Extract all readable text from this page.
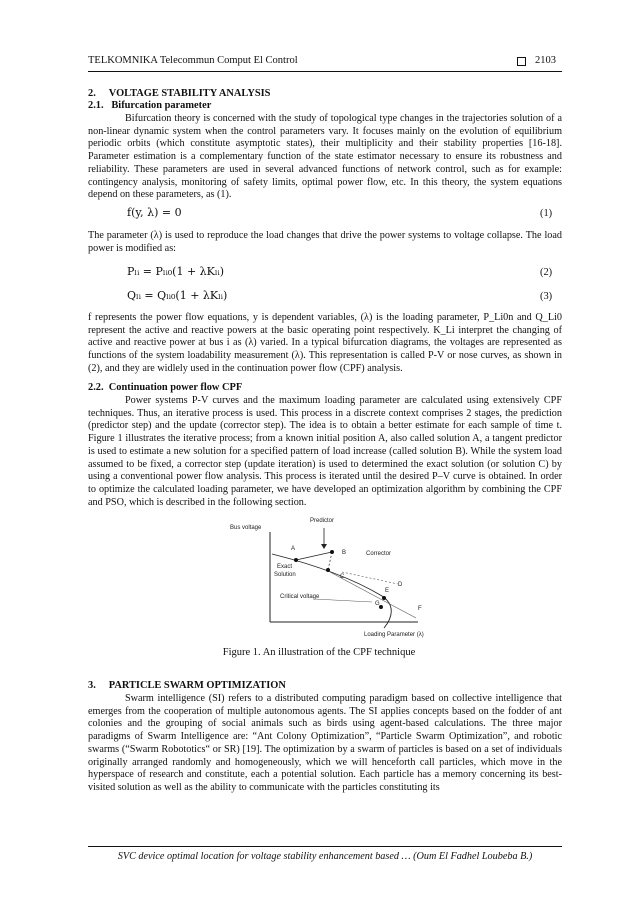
TELKOMNIKA Telecommun Comput El Control	2103
2.     VOLTAGE STABILITY ANALYSIS
2.1.   Bifurcation parameter
Bifurcation theory is concerned with the study of topological type changes in the trajectories solution of a non-linear dynamic system when the control parameters vary. It focuses mainly on the evolution of equilibrium periodic orbits (which constitute asymptotic states), their multiplicity and their stability properties [16-18]. Parameter estimation is a complementary function of the state estimator necessary to ensure its robustness and reliability. These parameters are used in several advanced functions of network control, such as for example: contingency analysis, monitoring of safety limits, optimal power flow, etc. In this theory, the system equations depend on these parameters, as (1).
f(y, λ) = 0	(1)
The parameter (λ) is used to reproduce the load changes that drive the power systems to voltage collapse. The load power is modified as:
Pₗᵢ = Pₗᵢ₀(1 + λKₗᵢ)	(2)
Qₗᵢ = Qₗᵢ₀(1 + λKₗᵢ)	(3)
f represents the power flow equations, y is dependent variables, (λ) is the loading parameter, P_Li0n and Q_Li0 represent the active and reactive powers at the basic operating point respectively. K_Li interpret the changing of active and reactive power at bus i as (λ) varied. In a typical bifurcation diagrams, the voltages are represented as functions of the system loadability measurement (λ). This representation is called P-V or nose curves, as shown in (2), and they are widlely used in the continuation power flow (CPF) analysis.
2.2.  Continuation power flow CPF
Power systems P-V curves and the maximum loading parameter are calculated using extensively CPF techniques. Thus, an iterative process is used. This process in a discrete context comprises 2 stages, the prediction (predictor step) and the update (corrector step). The idea is to obtain a better estimate for each sample of time t. Figure 1 illustrates the iterative process; from a known initial position A, also called solution A, a tangent predictor is used to estimate a new solution for a specified pattern of load increase (called solution B). While the system load assumed to be fixed, a corrector step (update iteration) is used to determined the exact solution (or solution C) by using a conventional power flow analysis. This process is iterated until the desired P–V curve is obtained. In order to optimize the calculated loading parameter, we have developed an optimization algorithm by combining the CPF and PSO, which is described in the following section.
Bus voltage
Loading Parameter (λ)
Predictor
Corrector
Exact
Solution
Critical voltage
A
B
C
D
E
F
G
Figure 1. An illustration of the CPF technique
3.     PARTICLE SWARM OPTIMIZATION
Swarm intelligence (SI) refers to a distributed computing paradigm based on collective intelligence that emerges from the cooperation of multiple autonomous agents. The SI applies concepts based on the fodder of ant colonies and the grouping of social animals such as birds using agent-based calculations. The three major paradigms of Swarm Intelligence are: “Ant Colony Optimization”, “Particle Swarm Optimization”, and robotic swarms (“Swarm Robototics“ or SR) [19]. The optimization by a swarm of particles is based on a set of individuals originally arranged randomly and homogeneously, which we will henceforth call particles, which move in the hyperspace of research and constitute, each a potential solution. Each particle has a memory concerning its best-visited solution as well as the ability to communicate with the particles constituting its
SVC device optimal location for voltage stability enhancement based … (Oum El Fadhel Loubeba B.)
